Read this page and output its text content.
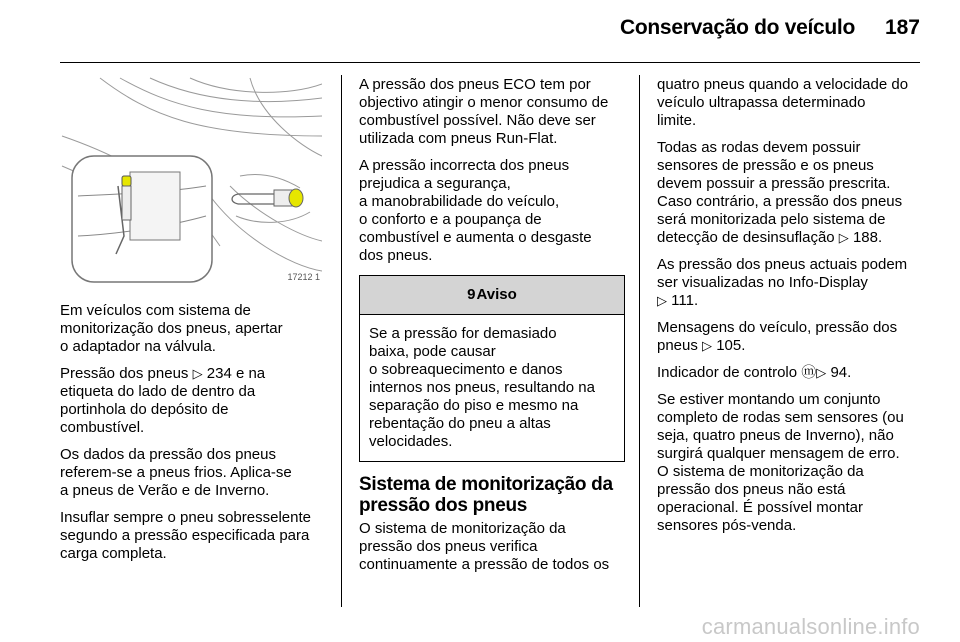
Conservação do veículo 187
17212 1

Em veículos com sistema de
monitorização dos pneus, apertar
o adaptador na válvula.

Pressão dos pneus ▷ 234 e na
etiqueta do lado de dentro da
portinhola do depósito de
combustível.

Os dados da pressão dos pneus
referem-se a pneus frios. Aplica-se
a pneus de Verão e de Inverno.

Insuflar sempre o pneu sobresselente
segundo a pressão especificada para
carga completa.

A pressão dos pneus ECO tem por
objectivo atingir o menor consumo de
combustível possível. Não deve ser
utilizada com pneus Run-Flat.

A pressão incorrecta dos pneus
prejudica a segurança,
a manobrabilidade do veículo,
o conforto e a poupança de
combustível e aumenta o desgaste
dos pneus.

9 Aviso
Se a pressão for demasiado
baixa, pode causar
o sobreaquecimento e danos
internos nos pneus, resultando na
separação do piso e mesmo na
rebentação do pneu a altas
velocidades.
Sistema de monitorização da
pressão dos pneus

O sistema de monitorização da
pressão dos pneus verifica
continuamente a pressão de todos os

quatro pneus quando a velocidade do
veículo ultrapassa determinado
limite.

Todas as rodas devem possuir
sensores de pressão e os pneus
devem possuir a pressão prescrita.
Caso contrário, a pressão dos pneus
será monitorizada pelo sistema de
detecção de desinsuflação ▷ 188.

As pressão dos pneus actuais podem
ser visualizadas no Info-Display
▷ 111.

Mensagens do veículo, pressão dos
pneus ▷ 105.

Indicador de controlo ⓜ▷ 94.

Se estiver montando um conjunto
completo de rodas sem sensores (ou
seja, quatro pneus de Inverno), não
surgirá qualquer mensagem de erro.
O sistema de monitorização da
pressão dos pneus não está
operacional. É possível montar
sensores pós-venda.

carmanualsonline.info
